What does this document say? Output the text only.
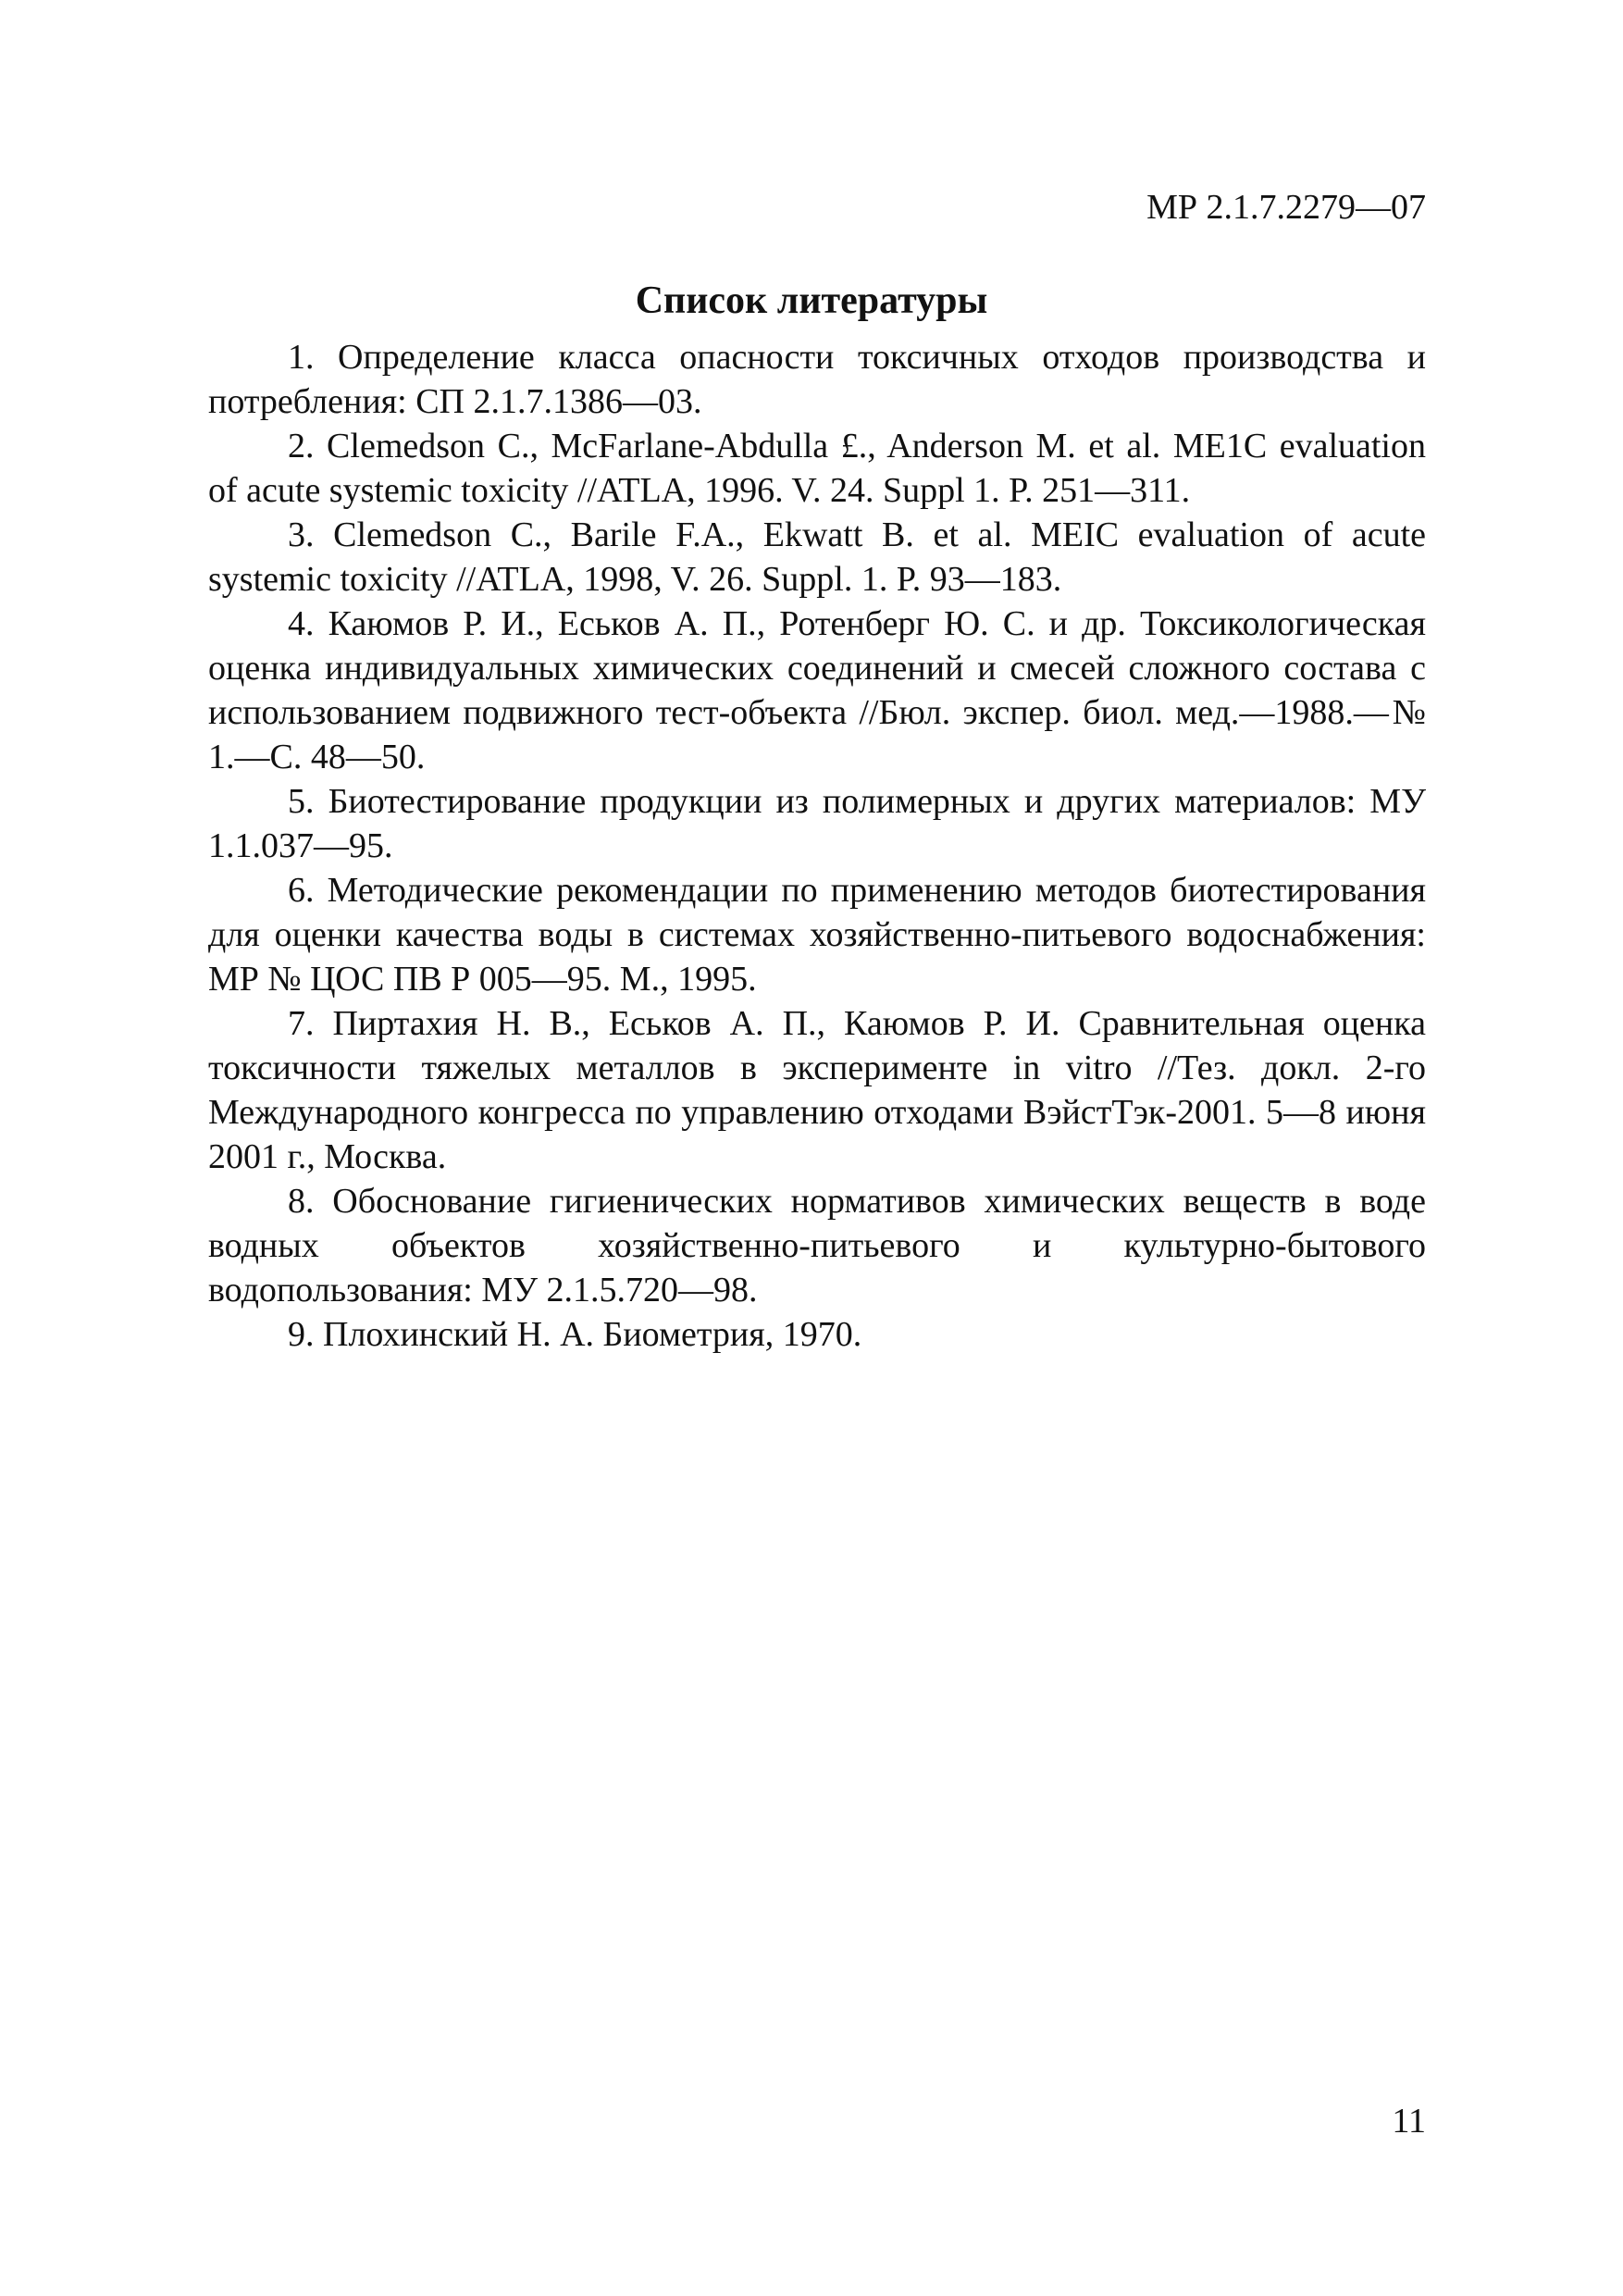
МР 2.1.7.2279—07
Список литературы

1. Определение класса опасности токсичных отходов производства и потребления: СП 2.1.7.1386—03.

2. Clemedson С., McFarlane-Abdulla £., Anderson М. et al. МЕ1С evaluation of acute systemic toxicity //ATLA, 1996. V. 24. Suppl 1. P. 251—311.

3. Clemedson C., Barile F.A., Ekwatt B. et al. MEIC evaluation of acute systemic toxicity //ATLA, 1998, V. 26. Suppl. 1. P. 93—183.

4. Каюмов Р. И., Еськов А. П., Ротенберг Ю. С. и др. Токсикологическая оценка индивидуальных химических соединений и смесей сложного состава с использованием подвижного тест-объекта //Бюл. экспер. биол. мед.—1988.—№ 1.—С. 48—50.

5. Биотестирование продукции из полимерных и других материалов: МУ 1.1.037—95.

6. Методические рекомендации по применению методов биотестирования для оценки качества воды в системах хозяйственно-питьевого водоснабжения: МР № ЦОС ПВ Р 005—95. М., 1995.

7. Пиртахия Н. В., Еськов А. П., Каюмов Р. И. Сравнительная оценка токсичности тяжелых металлов в эксперименте in vitro //Тез. докл. 2-го Международного конгресса по управлению отходами ВэйстТэк-2001. 5—8 июня 2001 г., Москва.

8. Обоснование гигиенических нормативов химических веществ в воде водных объектов хозяйственно-питьевого и культурно-бытового водопользования: МУ 2.1.5.720—98.

9. Плохинский Н. А. Биометрия, 1970.

11
